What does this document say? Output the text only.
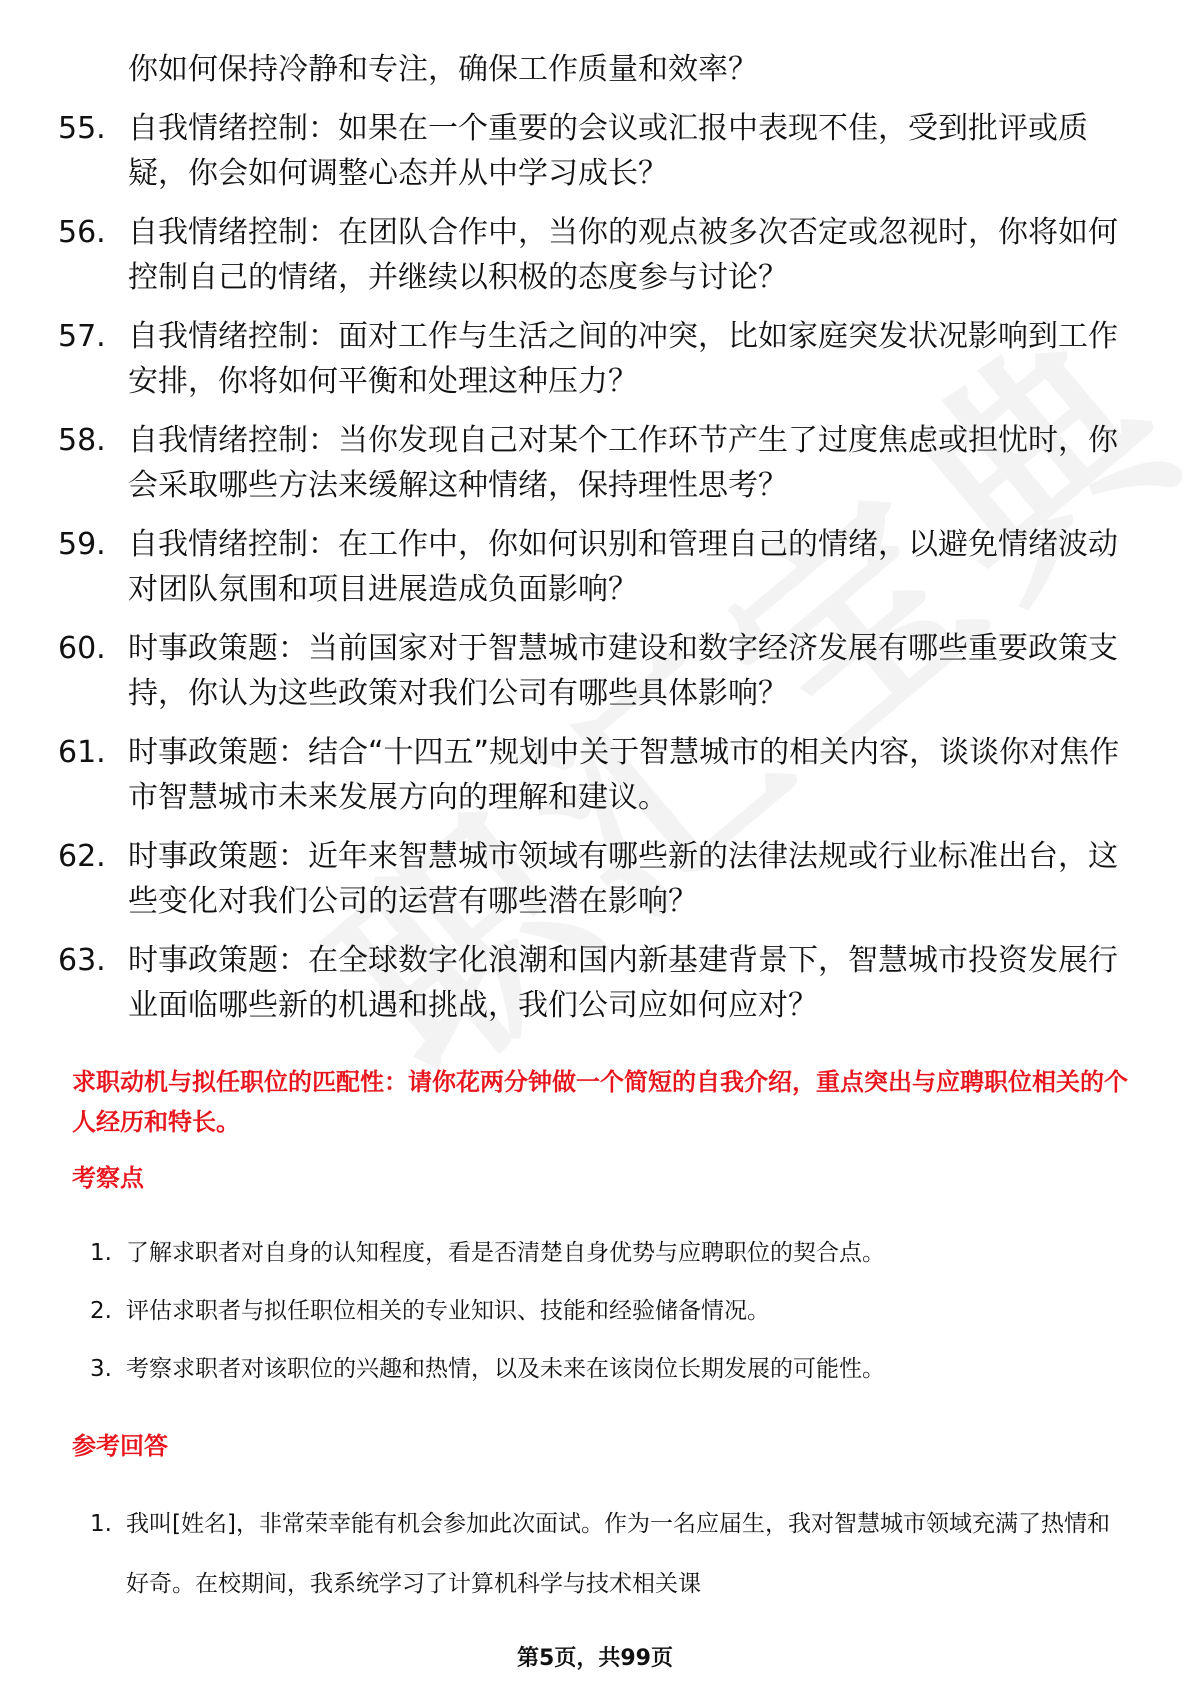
你如何保持冷静和专注，确保工作质量和效率？
55. 自我情绪控制：如果在一个重要的会议或汇报中表现不佳，受到批评或质疑，你会如何调整心态并从中学习成长？
56. 自我情绪控制：在团队合作中，当你的观点被多次否定或忽视时，你将如何控制自己的情绪，并继续以积极的态度参与讨论？
57. 自我情绪控制：面对工作与生活之间的冲突，比如家庭突发状况影响到工作安排，你将如何平衡和处理这种压力？
58. 自我情绪控制：当你发现自己对某个工作环节产生了过度焦虑或担忧时，你会采取哪些方法来缓解这种情绪，保持理性思考？
59. 自我情绪控制：在工作中，你如何识别和管理自己的情绪，以避免情绪波动对团队氛围和项目进展造成负面影响？
60. 时事政策题：当前国家对于智慧城市建设和数字经济发展有哪些重要政策支持，你认为这些政策对我们公司有哪些具体影响？
61. 时事政策题：结合“十四五”规划中关于智慧城市的相关内容，谈谈你对焦作市智慧城市未来发展方向的理解和建议。
62. 时事政策题：近年来智慧城市领域有哪些新的法律法规或行业标准出台，这些变化对我们公司的运营有哪些潜在影响？
63. 时事政策题：在全球数字化浪潮和国内新基建背景下，智慧城市投资发展行业面临哪些新的机遇和挑战，我们公司应如何应对？
求职动机与拟任职位的匹配性：请你花两分钟做一个简短的自我介绍，重点突出与应聘职位相关的个人经历和特长。
考察点
1. 了解求职者对自身的认知程度，看是否清楚自身优势与应聘职位的契合点。
2. 评估求职者与拟任职位相关的专业知识、技能和经验储备情况。
3. 考察求职者对该职位的兴趣和热情，以及未来在该岗位长期发展的可能性。
参考回答
1. 我叫[姓名]，非常荣幸能有机会参加此次面试。作为一名应届生，我对智慧城市领域充满了热情和好奇。在校期间，我系统学习了计算机科学与技术相关课
第5页，共99页
